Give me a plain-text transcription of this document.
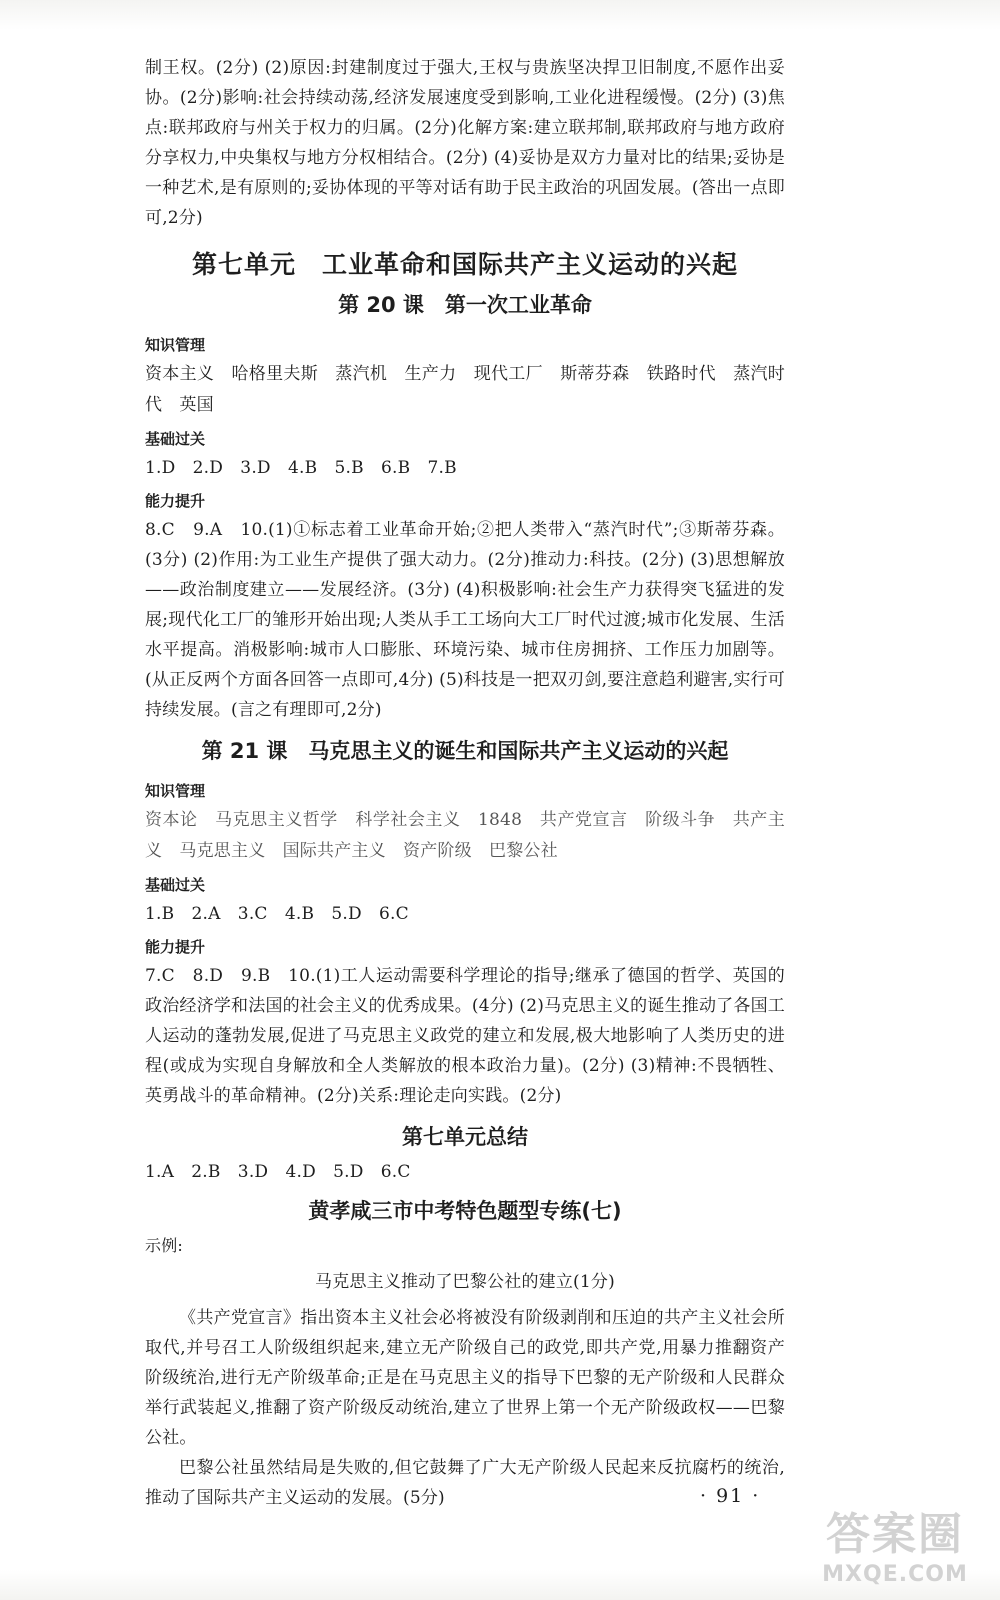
制王权。(2分) (2)原因:封建制度过于强大,王权与贵族坚决捍卫旧制度,不愿作出妥协。(2分)影响:社会持续动荡,经济发展速度受到影响,工业化进程缓慢。(2分) (3)焦点:联邦政府与州关于权力的归属。(2分)化解方案:建立联邦制,联邦政府与地方政府分享权力,中央集权与地方分权相结合。(2分) (4)妥协是双方力量对比的结果;妥协是一种艺术,是有原则的;妥协体现的平等对话有助于民主政治的巩固发展。(答出一点即可,2分)

第七单元　工业革命和国际共产主义运动的兴起
第 20 课　第一次工业革命
知识管理

资本主义　哈格里夫斯　蒸汽机　生产力　现代工厂　斯蒂芬森　铁路时代　蒸汽时代　英国

基础过关

1.D　2.D　3.D　4.B　5.B　6.B　7.B

能力提升

8.C　9.A　10.(1)①标志着工业革命开始;②把人类带入“蒸汽时代”;③斯蒂芬森。(3分) (2)作用:为工业生产提供了强大动力。(2分)推动力:科技。(2分) (3)思想解放——政治制度建立——发展经济。(3分) (4)积极影响:社会生产力获得突飞猛进的发展;现代化工厂的雏形开始出现;人类从手工工场向大工厂时代过渡;城市化发展、生活水平提高。消极影响:城市人口膨胀、环境污染、城市住房拥挤、工作压力加剧等。(从正反两个方面各回答一点即可,4分) (5)科技是一把双刃剑,要注意趋利避害,实行可持续发展。(言之有理即可,2分)

第 21 课　马克思主义的诞生和国际共产主义运动的兴起
知识管理

资本论　马克思主义哲学　科学社会主义　1848　共产党宣言　阶级斗争　共产主义　马克思主义　国际共产主义　资产阶级　巴黎公社

基础过关

1.B　2.A　3.C　4.B　5.D　6.C

能力提升

7.C　8.D　9.B　10.(1)工人运动需要科学理论的指导;继承了德国的哲学、英国的政治经济学和法国的社会主义的优秀成果。(4分) (2)马克思主义的诞生推动了各国工人运动的蓬勃发展,促进了马克思主义政党的建立和发展,极大地影响了人类历史的进程(或成为实现自身解放和全人类解放的根本政治力量)。(2分) (3)精神:不畏牺牲、英勇战斗的革命精神。(2分)关系:理论走向实践。(2分)

第七单元总结

1.A　2.B　3.D　4.D　5.D　6.C

黄孝咸三市中考特色题型专练(七)

示例:

马克思主义推动了巴黎公社的建立(1分)

《共产党宣言》指出资本主义社会必将被没有阶级剥削和压迫的共产主义社会所取代,并号召工人阶级组织起来,建立无产阶级自己的政党,即共产党,用暴力推翻资产阶级统治,进行无产阶级革命;正是在马克思主义的指导下巴黎的无产阶级和人民群众举行武装起义,推翻了资产阶级反动统治,建立了世界上第一个无产阶级政权——巴黎公社。

巴黎公社虽然结局是失败的,但它鼓舞了广大无产阶级人民起来反抗腐朽的统治,推动了国际共产主义运动的发展。(5分)	· 91 ·
答案圈
MXQE.COM
